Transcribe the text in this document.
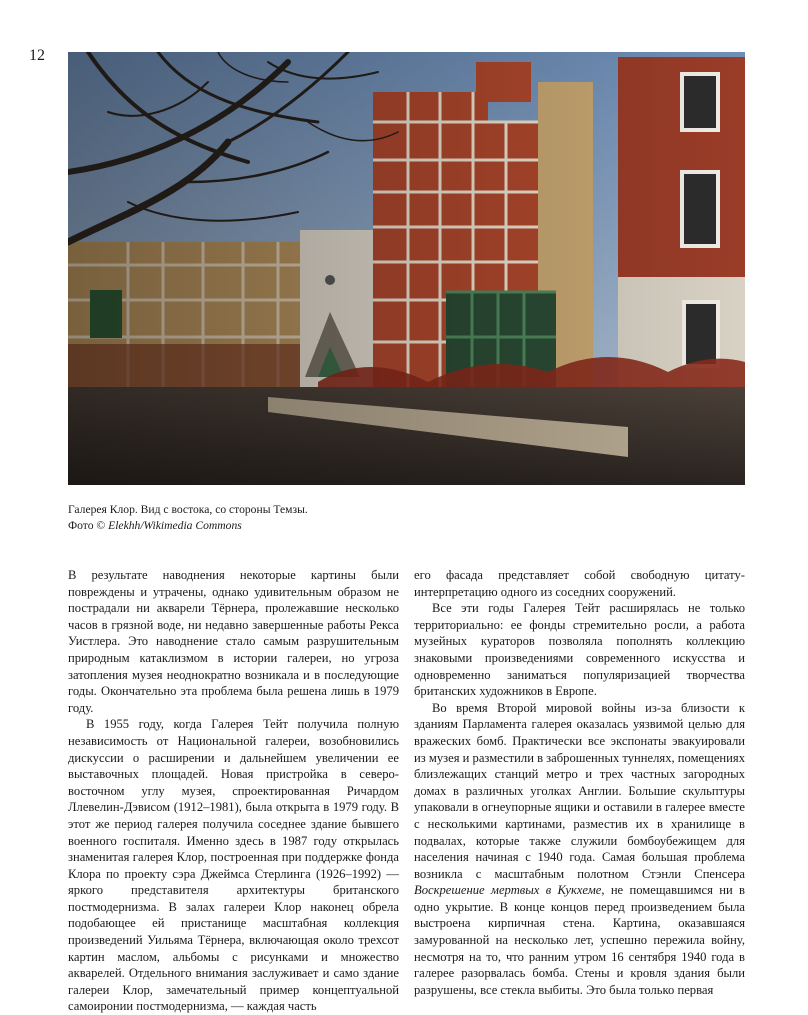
12
Галерея Клор. Вид с востока, со стороны Темзы.
Фото © Elekhh/Wikimedia Commons

В результате наводнения некоторые картины были повреждены и утрачены, однако удивительным образом не пострадали ни акварели Тёрнера, пролежавшие несколько часов в грязной воде, ни недавно завершенные работы Рекса Уистлера. Это наводнение стало самым разрушительным природным катаклизмом в истории галереи, но угроза затопления музея неоднократно возникала и в последующие годы. Окончательно эта проблема была решена лишь в 1979 году.

В 1955 году, когда Галерея Тейт получила полную независимость от Национальной галереи, возобновились дискуссии о расширении и дальнейшем увеличении ее выставочных площадей. Новая пристройка в северо-восточном углу музея, спроектированная Ричардом Ллевелин-Дэвисом (1912–1981), была открыта в 1979 году. В этот же период галерея получила соседнее здание бывшего военного госпиталя. Именно здесь в 1987 году открылась знаменитая галерея Клор, построенная при поддержке фонда Клора по проекту сэра Джеймса Стерлинга (1926–1992) — яркого представителя архитектуры британского постмодернизма. В залах галереи Клор наконец обрела подобающее ей пристанище масштабная коллекция произведений Уильяма Тёрнера, включающая около трехсот картин маслом, альбомы с рисунками и множество акварелей. Отдельного внимания заслуживает и само здание галереи Клор, замечательный пример концептуальной самоиронии постмодернизма, — каждая часть

его фасада представляет собой свободную цитату-интерпретацию одного из соседних сооружений.

Все эти годы Галерея Тейт расширялась не только территориально: ее фонды стремительно росли, а работа музейных кураторов позволяла пополнять коллекцию знаковыми произведениями современного искусства и одновременно заниматься популяризацией творчества британских художников в Европе.

Во время Второй мировой войны из-за близости к зданиям Парламента галерея оказалась уязвимой целью для вражеских бомб. Практически все экспонаты эвакуировали из музея и разместили в заброшенных туннелях, помещениях близлежащих станций метро и трех частных загородных домах в различных уголках Англии. Большие скульптуры упаковали в огнеупорные ящики и оставили в галерее вместе с несколькими картинами, разместив их в хранилище в подвалах, которые также служили бомбоубежищем для населения начиная с 1940 года. Самая большая проблема возникла с масштабным полотном Стэнли Спенсера Воскрешение мертвых в Кукхеме, не помещавшимся ни в одно укрытие. В конце концов перед произведением была выстроена кирпичная стена. Картина, оказавшаяся замурованной на несколько лет, успешно пережила войну, несмотря на то, что ранним утром 16 сентября 1940 года в галерее разорвалась бомба. Стены и кровля здания были разрушены, все стекла выбиты. Это была только первая
